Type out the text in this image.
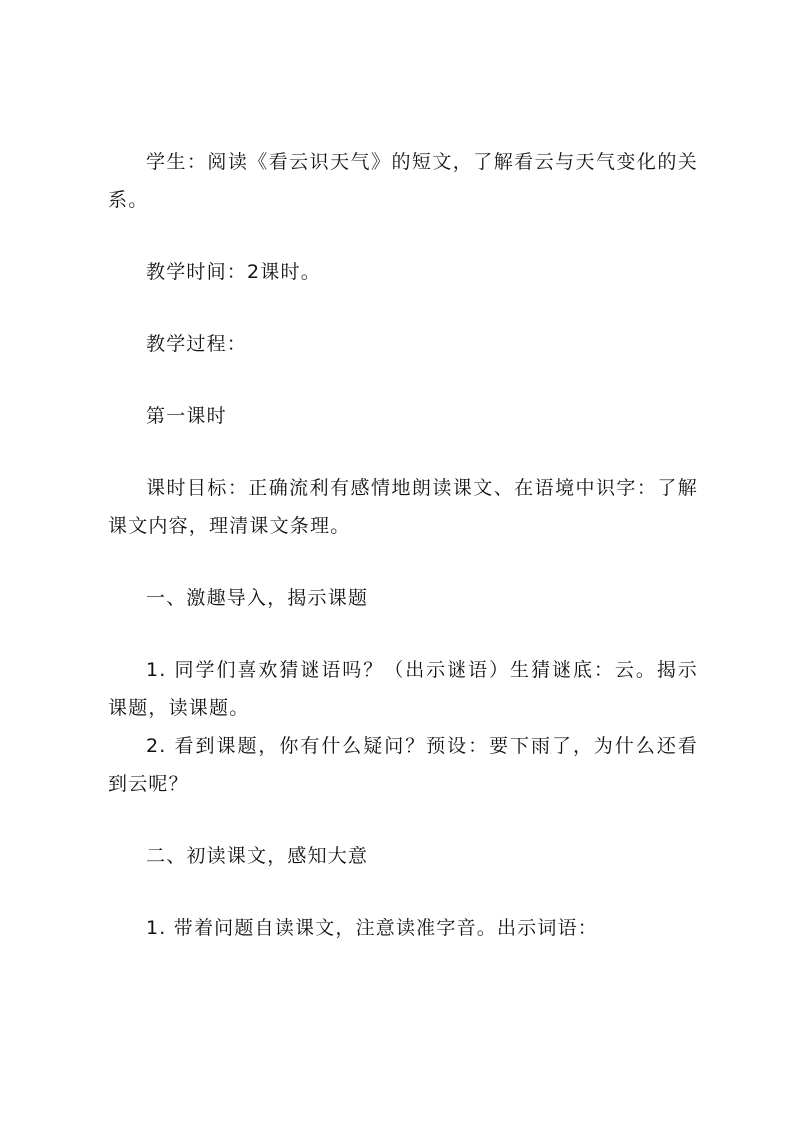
学生：阅读《看云识天气》的短文，了解看云与天气变化的关系。

教学时间：2课时。

教学过程：

第一课时

课时目标：正确流利有感情地朗读课文、在语境中识字：了解课文内容，理清课文条理。

一、激趣导入，揭示课题

1. 同学们喜欢猜谜语吗？（出示谜语）生猜谜底：云。揭示课题，读课题。

2. 看到课题，你有什么疑问？预设：要下雨了，为什么还看到云呢？

二、初读课文，感知大意

1. 带着问题自读课文，注意读准字音。出示词语：
